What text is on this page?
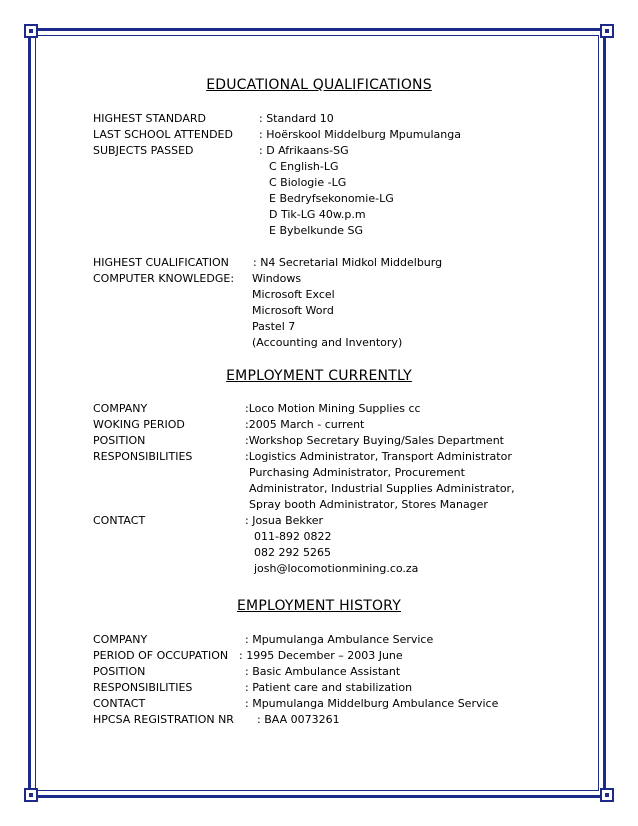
EDUCATIONAL QUALIFICATIONS
HIGHEST STANDARD	: Standard 10
LAST SCHOOL ATTENDED : Hoërskool Middelburg Mpumulanga
SUBJECTS PASSED	: D Afrikaans-SG
C English-LG
C Biologie -LG
E Bedryfsekonomie-LG
D Tik-LG 40w.p.m
E Bybelkunde SG
HIGHEST CUALIFICATION : N4 Secretarial Midkol Middelburg
COMPUTER KNOWLEDGE: Windows
Microsoft Excel
Microsoft Word
Pastel 7
(Accounting and Inventory)
EMPLOYMENT CURRENTLY
COMPANY	:Loco Motion Mining Supplies cc
WOKING PERIOD	:2005 March - current
POSITION	:Workshop Secretary Buying/Sales Department
RESPONSIBILITIES	:Logistics Administrator, Transport Administrator
Purchasing Administrator, Procurement
Administrator, Industrial Supplies Administrator,
Spray booth Administrator, Stores Manager
CONTACT	: Josua Bekker
011-892 0822
082 292 5265
josh@locomotionmining.co.za
EMPLOYMENT HISTORY
COMPANY	: Mpumulanga Ambulance Service
PERIOD OF OCCUPATION : 1995 December – 2003 June
POSITION	: Basic Ambulance Assistant
RESPONSIBILITIES	: Patient care and stabilization
CONTACT	: Mpumulanga Middelburg Ambulance Service
HPCSA REGISTRATION NR : BAA 0073261
